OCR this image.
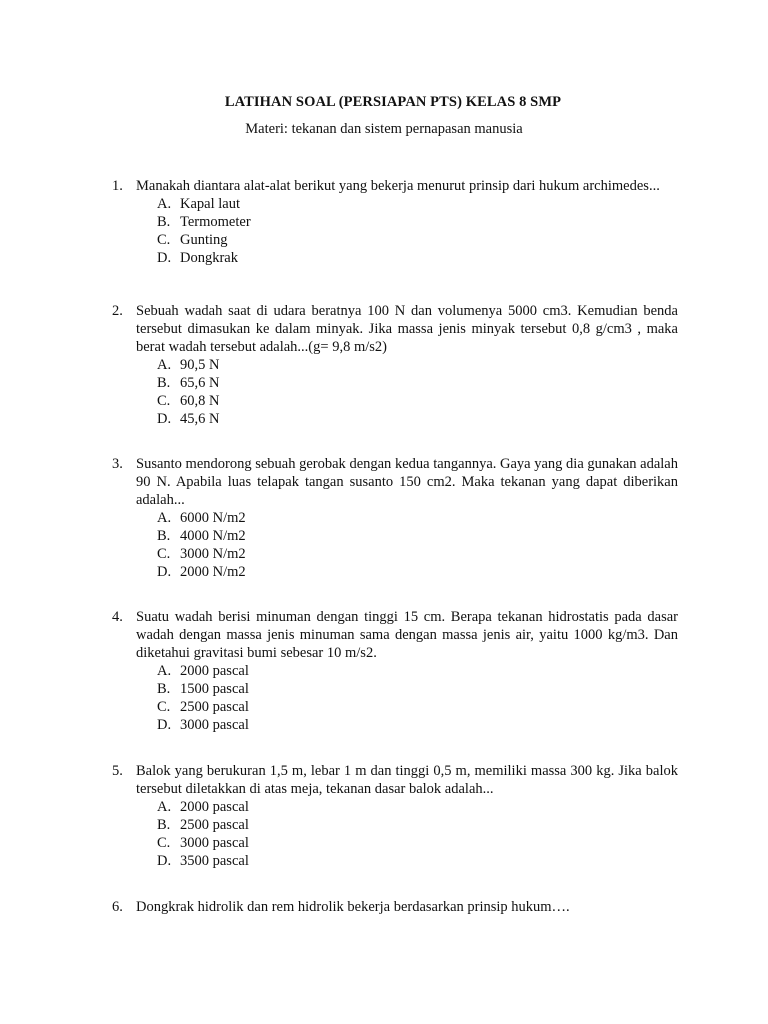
LATIHAN SOAL (PERSIAPAN PTS) KELAS 8 SMP
Materi: tekanan dan sistem pernapasan manusia
1. Manakah diantara alat-alat berikut yang bekerja menurut prinsip dari hukum archimedes...
A. Kapal laut
B. Termometer
C. Gunting
D. Dongkrak
2. Sebuah wadah saat di udara beratnya 100 N dan volumenya 5000 cm3. Kemudian benda tersebut dimasukan ke dalam minyak. Jika massa jenis minyak tersebut 0,8 g/cm3 , maka berat wadah tersebut adalah...(g= 9,8 m/s2)
A. 90,5 N
B. 65,6 N
C. 60,8 N
D. 45,6 N
3. Susanto mendorong sebuah gerobak dengan kedua tangannya. Gaya yang dia gunakan adalah 90 N. Apabila luas telapak tangan susanto 150 cm2. Maka tekanan yang dapat diberikan adalah...
A. 6000 N/m2
B. 4000 N/m2
C. 3000 N/m2
D. 2000 N/m2
4. Suatu wadah berisi minuman dengan tinggi 15 cm. Berapa tekanan hidrostatis pada dasar wadah dengan massa jenis minuman sama dengan massa jenis air, yaitu 1000 kg/m3. Dan diketahui gravitasi bumi sebesar 10 m/s2.
A. 2000 pascal
B. 1500 pascal
C. 2500 pascal
D. 3000 pascal
5. Balok yang berukuran 1,5 m, lebar 1 m dan tinggi 0,5 m, memiliki massa 300 kg. Jika balok tersebut diletakkan di atas meja, tekanan dasar balok adalah...
A. 2000 pascal
B. 2500 pascal
C. 3000 pascal
D. 3500 pascal
6. Dongkrak hidrolik dan rem hidrolik bekerja berdasarkan prinsip hukum….
